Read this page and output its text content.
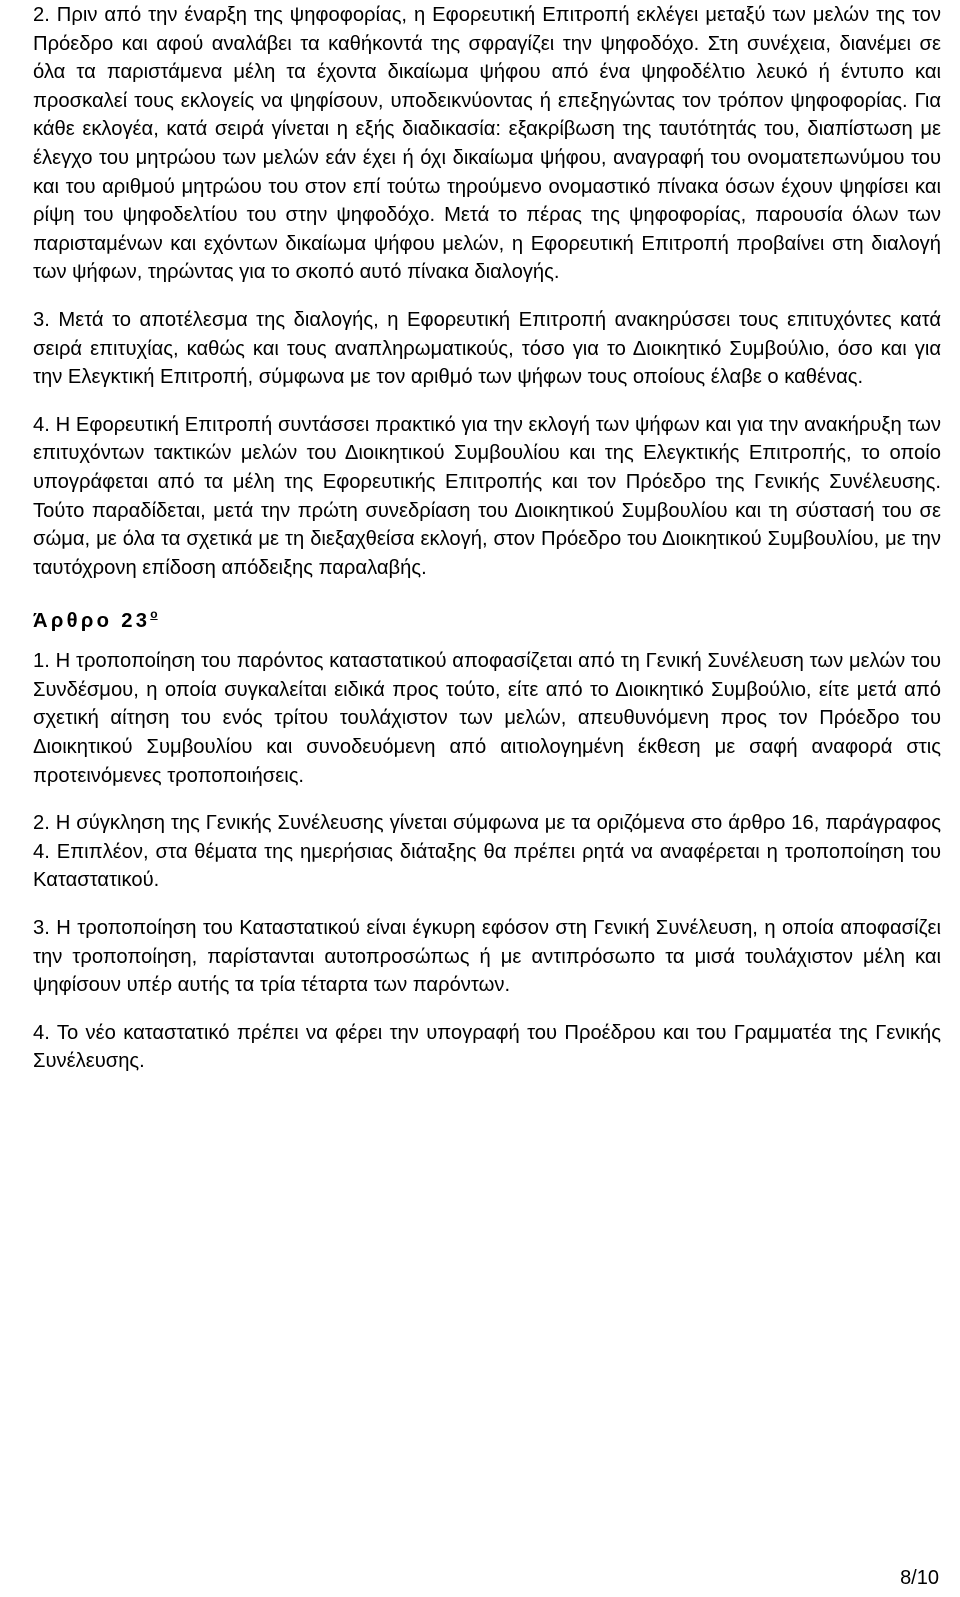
2. Πριν από την έναρξη της ψηφοφορίας, η Εφορευτική Επιτροπή εκλέγει μεταξύ των μελών της τον Πρόεδρο και αφού αναλάβει τα καθήκοντά της σφραγίζει την ψηφοδόχο. Στη συνέχεια, διανέμει σε όλα τα παριστάμενα μέλη τα έχοντα δικαίωμα ψήφου από ένα ψηφοδέλτιο λευκό ή έντυπο και προσκαλεί τους εκλογείς να ψηφίσουν, υποδεικνύοντας ή επεξηγώντας τον τρόπον ψηφοφορίας. Για κάθε εκλογέα, κατά σειρά γίνεται η εξής διαδικασία: εξακρίβωση της ταυτότητάς του, διαπίστωση με έλεγχο του μητρώου των μελών εάν έχει ή όχι δικαίωμα ψήφου, αναγραφή του ονοματεπωνύμου του και του αριθμού μητρώου του στον επί τούτω τηρούμενο ονομαστικό πίνακα όσων έχουν ψηφίσει και ρίψη του ψηφοδελτίου του στην ψηφοδόχο. Μετά το πέρας της ψηφοφορίας, παρουσία όλων των παρισταμένων και εχόντων δικαίωμα ψήφου μελών, η Εφορευτική Επιτροπή προβαίνει στη διαλογή των ψήφων, τηρώντας για το σκοπό αυτό πίνακα διαλογής.

3. Μετά το αποτέλεσμα της διαλογής, η Εφορευτική Επιτροπή ανακηρύσσει τους επιτυχόντες κατά σειρά επιτυχίας, καθώς και τους αναπληρωματικούς, τόσο για το Διοικητικό Συμβούλιο, όσο και για την Ελεγκτική Επιτροπή, σύμφωνα με τον αριθμό των ψήφων τους οποίους έλαβε ο καθένας.

4. Η Εφορευτική Επιτροπή συντάσσει πρακτικό για την εκλογή των ψήφων και για την ανακήρυξη των επιτυχόντων τακτικών μελών του Διοικητικού Συμβουλίου και της Ελεγκτικής Επιτροπής, το οποίο υπογράφεται από τα μέλη της Εφορευτικής Επιτροπής και τον Πρόεδρο της Γενικής Συνέλευσης. Τούτο παραδίδεται, μετά την πρώτη συνεδρίαση του Διοικητικού Συμβουλίου και τη σύστασή του σε σώμα, με όλα τα σχετικά με τη διεξαχθείσα εκλογή, στον Πρόεδρο του Διοικητικού Συμβουλίου, με την ταυτόχρονη επίδοση απόδειξης παραλαβής.

Άρθρο $23^o$

1. Η τροποποίηση του παρόντος καταστατικού αποφασίζεται από τη Γενική Συνέλευση των μελών του Συνδέσμου, η οποία συγκαλείται ειδικά προς τούτο, είτε από το Διοικητικό Συμβούλιο, είτε μετά από σχετική αίτηση του ενός τρίτου τουλάχιστον των μελών, απευθυνόμενη προς τον Πρόεδρο του Διοικητικού Συμβουλίου και συνοδευόμενη από αιτιολογημένη έκθεση με σαφή αναφορά στις προτεινόμενες τροποποιήσεις.

2. Η σύγκληση της Γενικής Συνέλευσης γίνεται σύμφωνα με τα οριζόμενα στο άρθρο 16, παράγραφος 4. Επιπλέον, στα θέματα της ημερήσιας διάταξης θα πρέπει ρητά να αναφέρεται η τροποποίηση του Καταστατικού.

3. Η τροποποίηση του Καταστατικού είναι έγκυρη εφόσον στη Γενική Συνέλευση, η οποία αποφασίζει την τροποποίηση, παρίστανται αυτοπροσώπως ή με αντιπρόσωπο τα μισά τουλάχιστον μέλη και ψηφίσουν υπέρ αυτής τα τρία τέταρτα των παρόντων.

4. Το νέο καταστατικό πρέπει να φέρει την υπογραφή του Προέδρου και του Γραμματέα της Γενικής Συνέλευσης.

8/10
